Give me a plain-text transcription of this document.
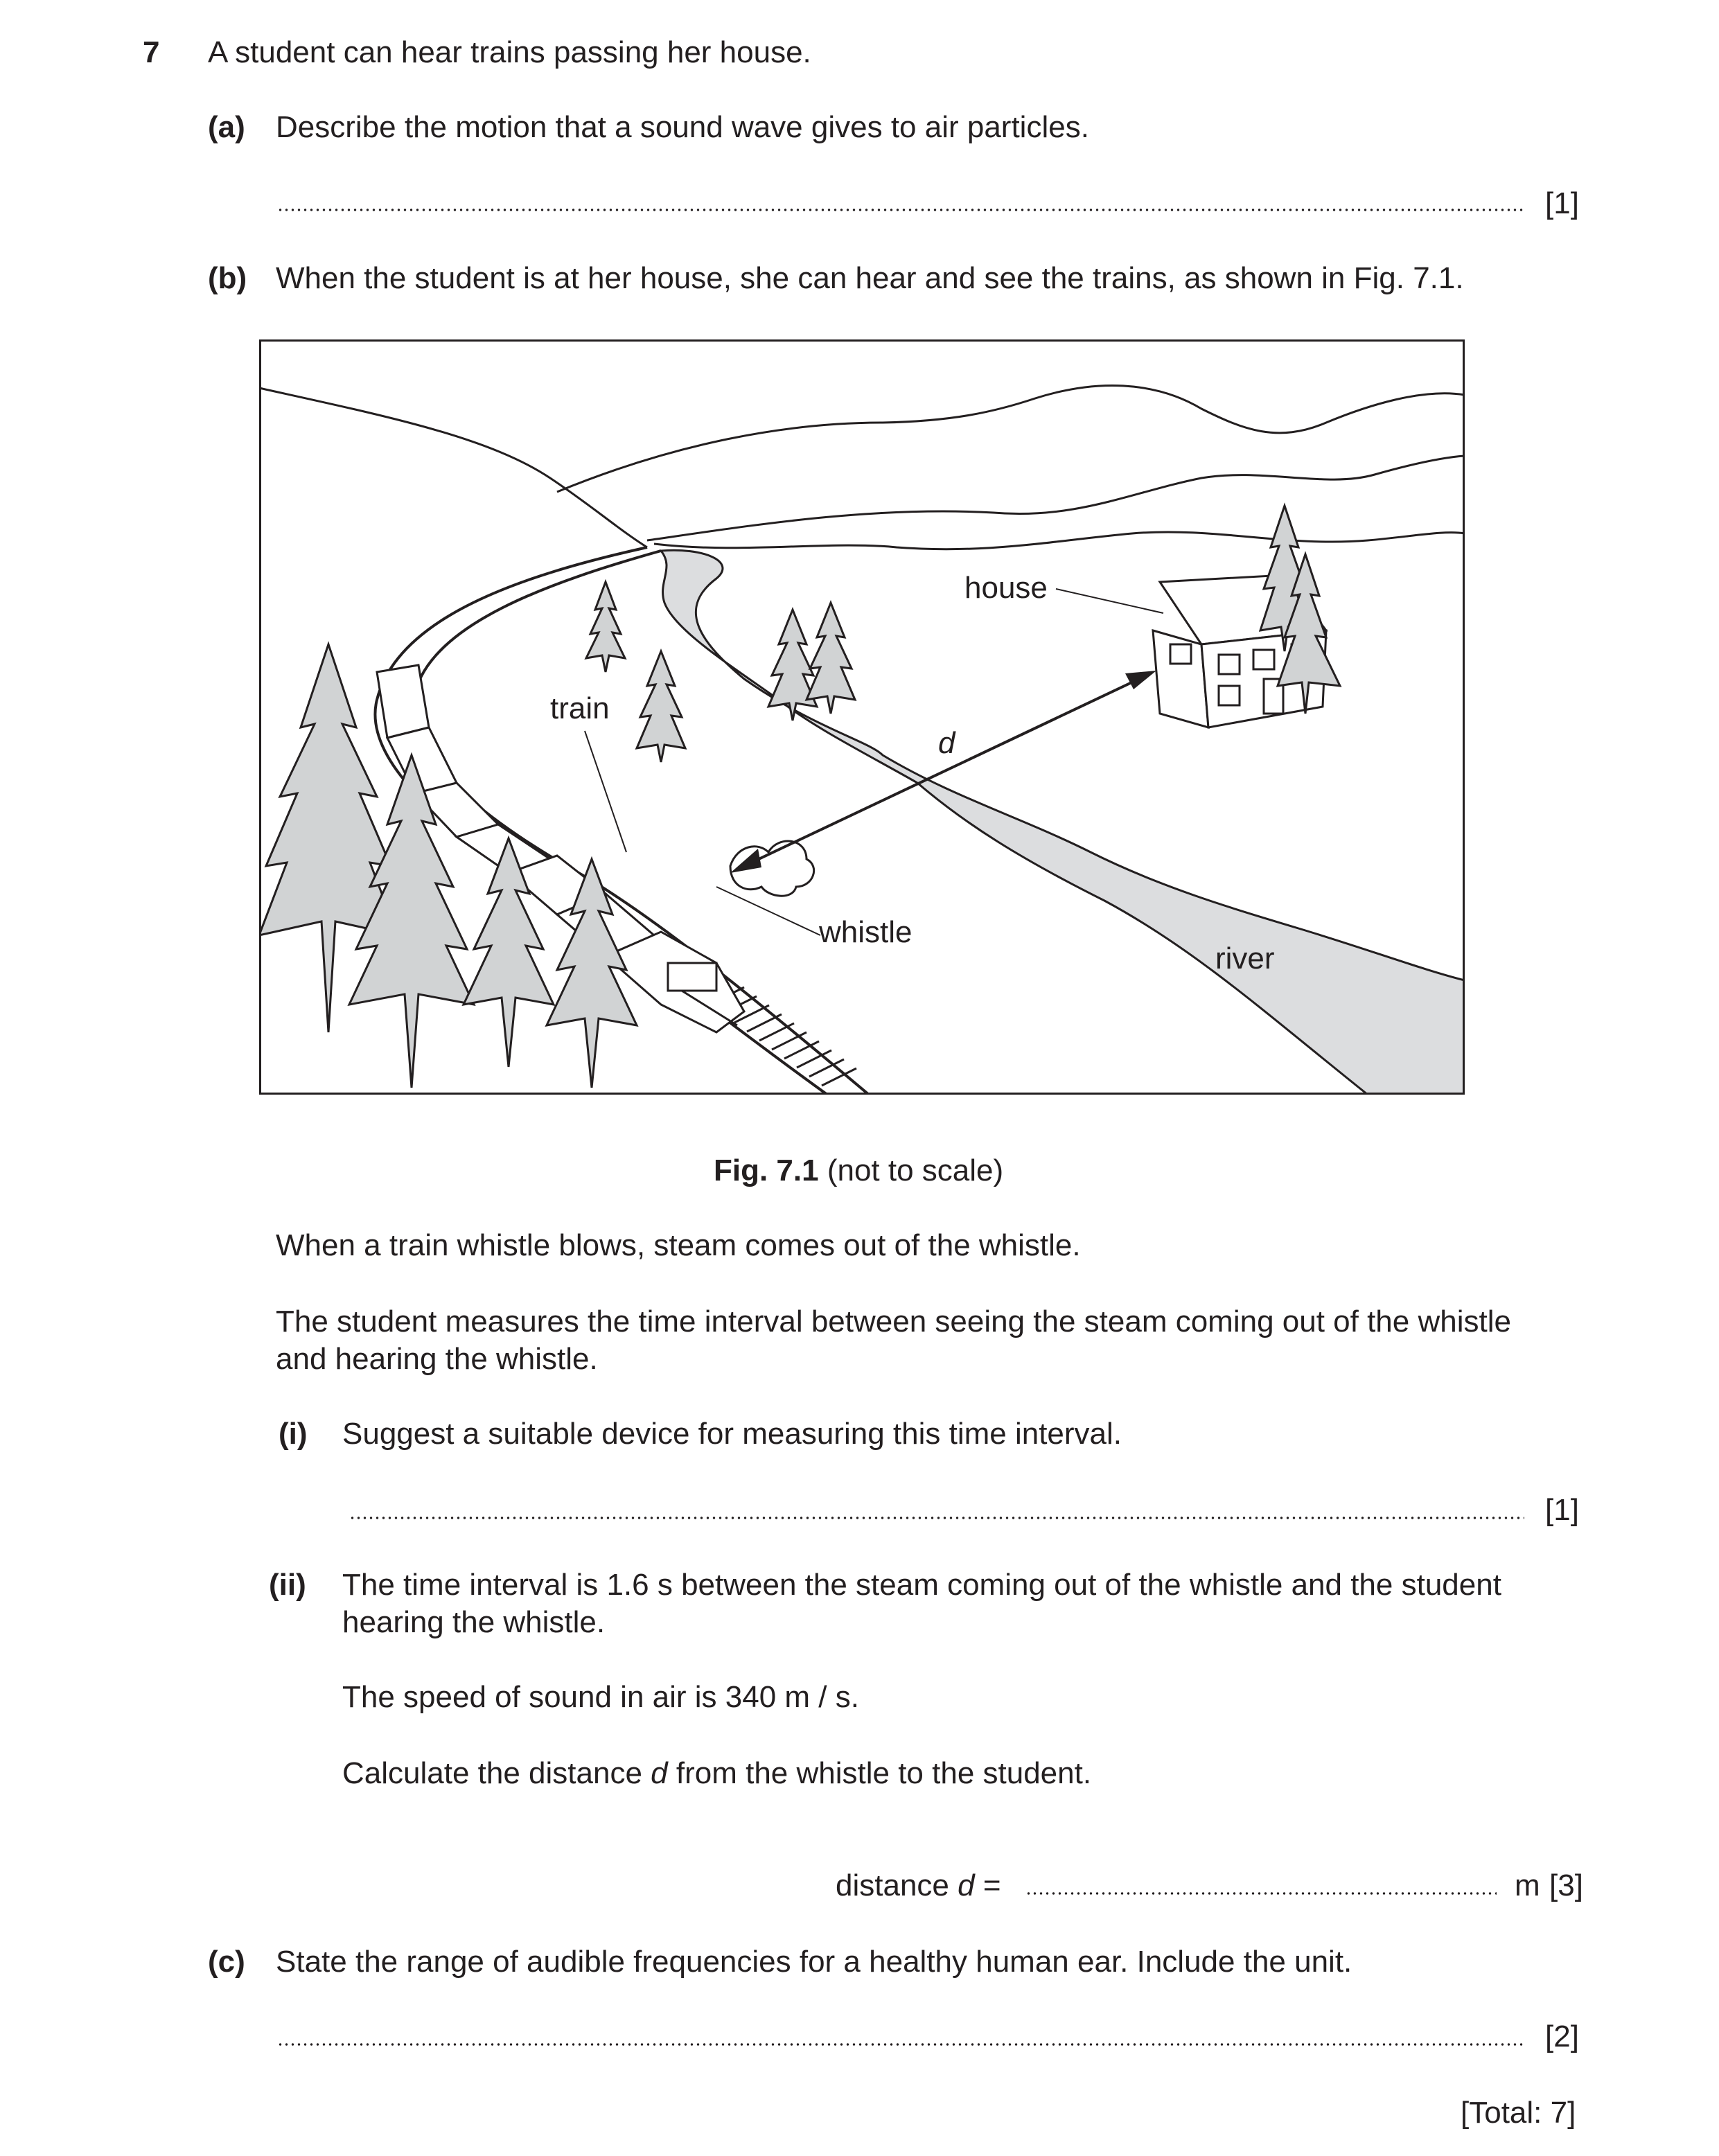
7 A student can hear trains passing her house.
(a) Describe the motion that a sound wave gives to air particles.
[1]
(b) When the student is at her house, she can hear and see the trains, as shown in Fig. 7.1.
house
train
d
whistle
river
Fig. 7.1 (not to scale)
When a train whistle blows, steam comes out of the whistle.
The student measures the time interval between seeing the steam coming out of the whistle
and hearing the whistle.
(i) Suggest a suitable device for measuring this time interval.
[1]
(ii) The time interval is 1.6 s between the steam coming out of the whistle and the student
hearing the whistle.
The speed of sound in air is 340 m / s.
Calculate the distance d from the whistle to the student.
distance d =	m [3]
(c) State the range of audible frequencies for a healthy human ear. Include the unit.
[2]
[Total: 7]
